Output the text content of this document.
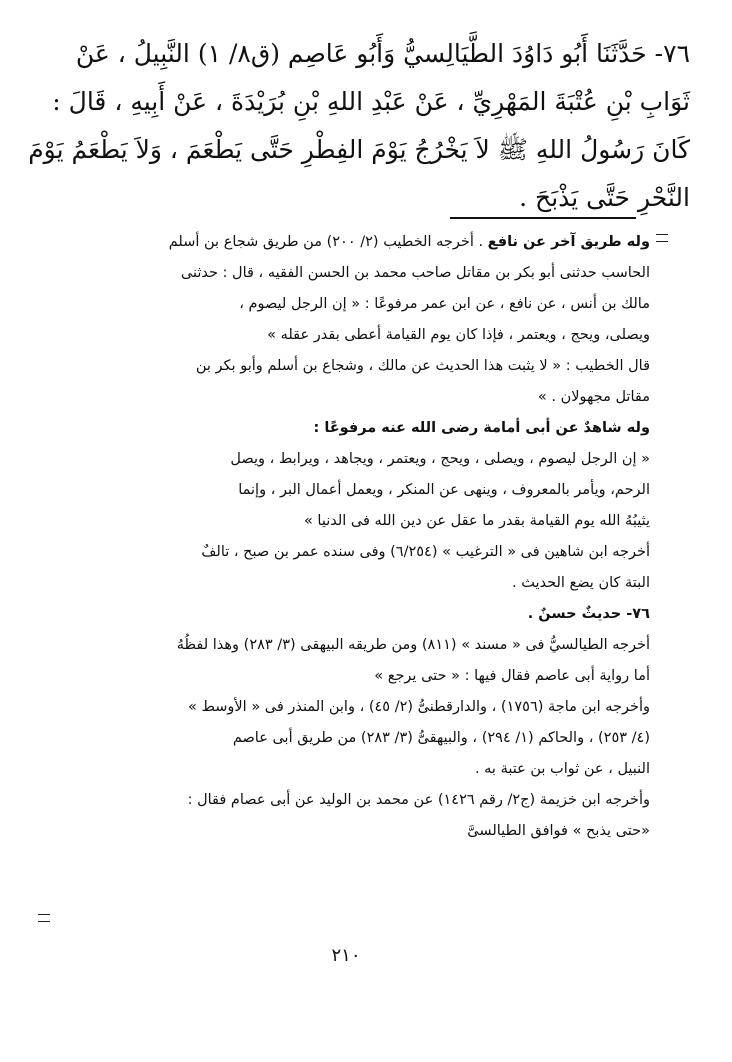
٧٦- حَدَّثَنَا أَبُو دَاوُدَ الطَّيَالِسيُّ وَأَبُو عَاصِم (ق٨/ ١) النَّبِيلُ ، عَنْ
ثَوَابِ بْنِ عُتْبَةَ المَهْرِيِّ ، عَنْ عَبْدِ اللهِ بْنِ بُرَيْدَةَ ، عَنْ أَبِيهِ ، قَالَ :
كَانَ رَسُولُ اللهِ ﷺ لاَ يَخْرُجُ يَوْمَ الفِطْرِ حَتَّى يَطْعَمَ ، وَلاَ يَطْعَمُ يَوْمَ
النَّحْرِ حَتَّى يَذْبَحَ .
وله طريق آخر عن نافع . أخرجه الخطيب (٢/ ٢٠٠) من طريق شجاع بن أسلم
الحاسب حدثنى أبو بكر بن مقاتل صاحب محمد بن الحسن الفقيه ، قال : حدثنى
مالك بن أنس ، عن نافع ، عن ابن عمر مرفوعًا : « إن الرجل ليصوم ،
ويصلى، ويحج ، ويعتمر ، فإذا كان يوم القيامة أعطى بقدر عقله »
قال الخطيب : « لا يثبت هذا الحديث عن مالك ، وشجاع بن أسلم وأبو بكر بن
مقاتل مجهولان . »
وله شاهدٌ عن أبى أمامة رضى الله عنه مرفوعًا :
« إن الرجل ليصوم ، ويصلى ، ويحج ، ويعتمر ، ويجاهد ، ويرابط ، ويصل
الرحم، ويأمر بالمعروف ، وينهى عن المنكر ، ويعمل أعمال البر ، وإنما
يثيبُهُ الله يوم القيامة بقدر ما عقل عن دين الله فى الدنيا »
أخرجه ابن شاهين فى « الترغيب » (٦/٢٥٤) وفى سنده عمر بن صبح ، تالفٌ
البتة كان يضع الحديث .
٧٦- حديثٌ حسنٌ .
أخرجه الطيالسيُّ فى « مسند » (٨١١) ومن طريقه البيهقى (٣/ ٢٨٣) وهذا لفظُهُ
أما رواية أبى عاصم فقال فيها : « حتى يرجع »
وأخرجه ابن ماجة (١٧٥٦) ، والدارقطنىُّ (٢/ ٤٥) ، وابن المنذر فى « الأوسط »
(٤/ ٢٥٣) ، والحاكم (١/ ٢٩٤) ، والبيهقىُّ (٣/ ٢٨٣) من طريق أبى عاصم
النبيل ، عن ثواب بن عتبة به .
وأخرجه ابن خزيمة (ج٢/ رقم ١٤٢٦) عن محمد بن الوليد عن أبى عصام فقال :
«حتى يذبح » فوافق الطيالسىَّ
٢١٠
